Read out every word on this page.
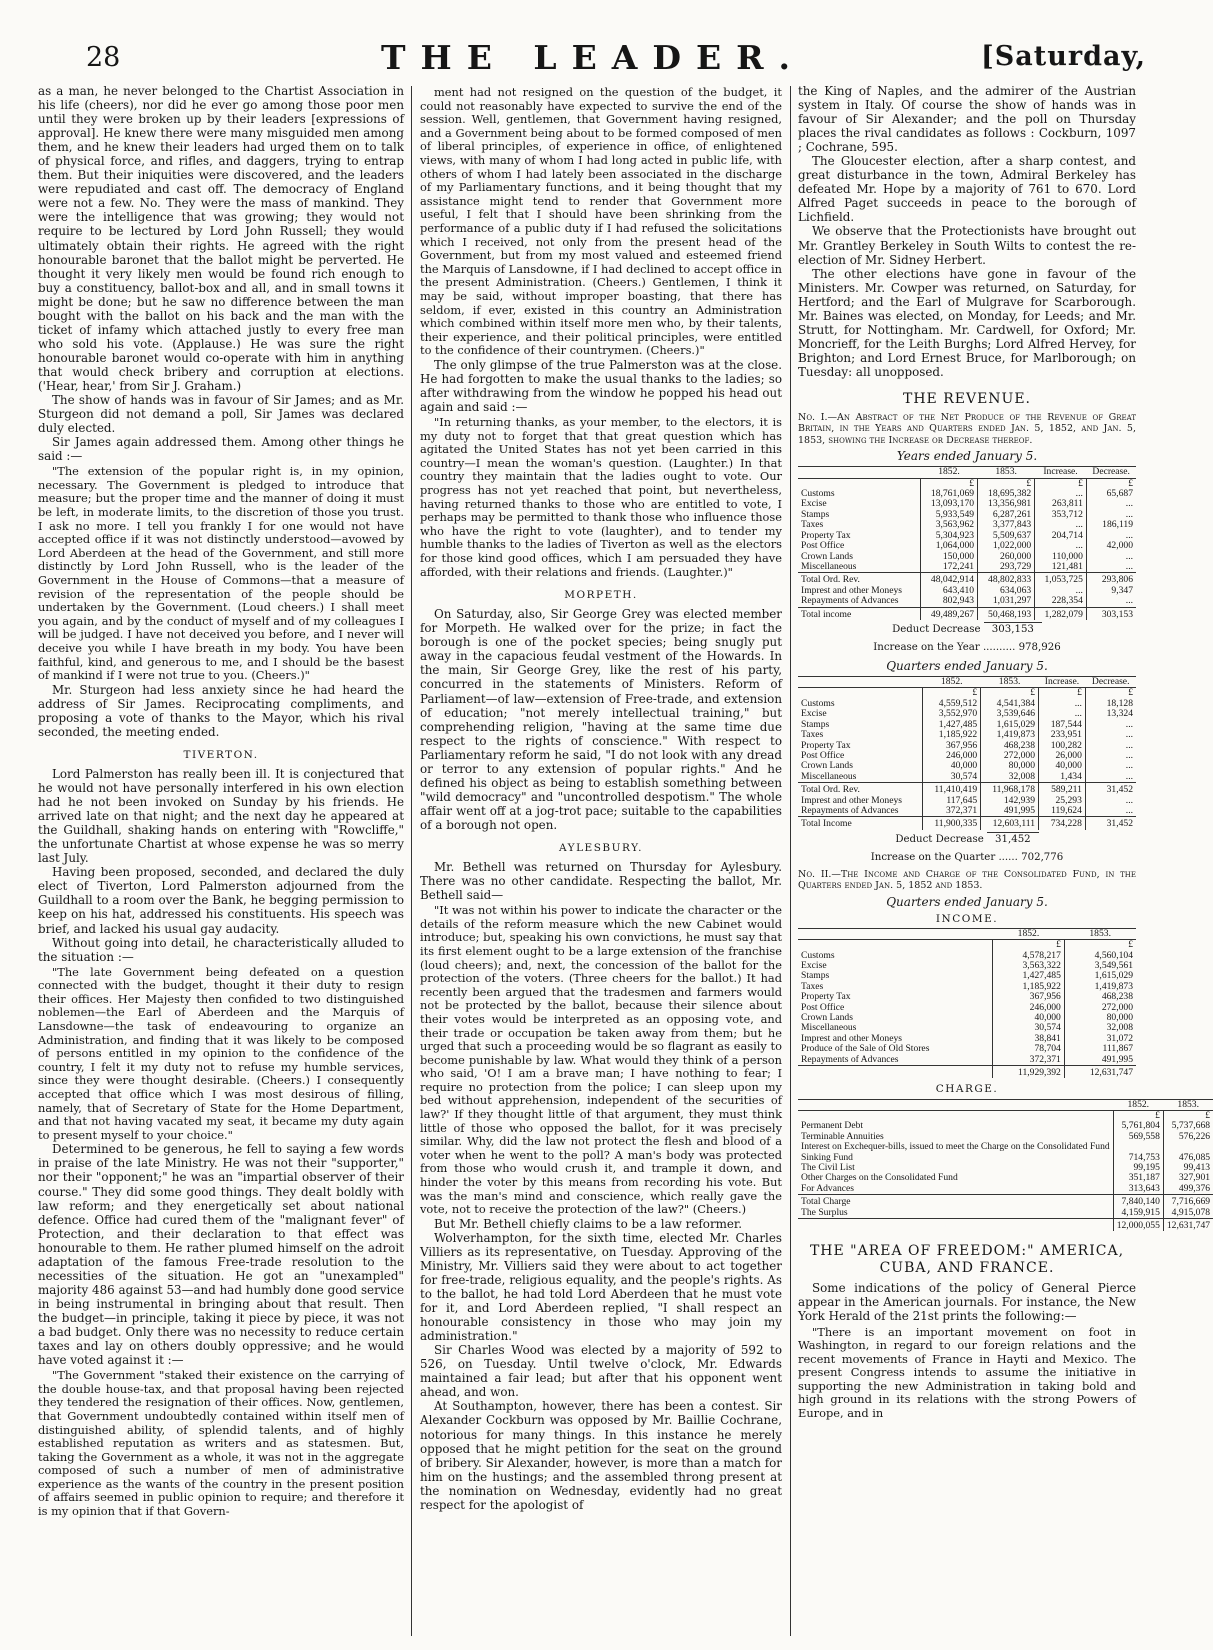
28	THE LEADER.	[Saturday,

as a man, he never belonged to the Chartist Association in his life (cheers), nor did he ever go among those poor men until they were broken up by their leaders [expressions of approval]. He knew there were many misguided men among them, and he knew their leaders had urged them on to talk of physical force, and rifles, and daggers, trying to entrap them. But their iniquities were discovered, and the leaders were repudiated and cast off. The democracy of England were not a few. No. They were the mass of mankind. They were the intelligence that was growing; they would not require to be lectured by Lord John Russell; they would ultimately obtain their rights. He agreed with the right honourable baronet that the ballot might be perverted. He thought it very likely men would be found rich enough to buy a constituency, ballot-box and all, and in small towns it might be done; but he saw no difference between the man bought with the ballot on his back and the man with the ticket of infamy which attached justly to every free man who sold his vote. (Applause.) He was sure the right honourable baronet would co-operate with him in anything that would check bribery and corruption at elections. ('Hear, hear,' from Sir J. Graham.)

The show of hands was in favour of Sir James; and as Mr. Sturgeon did not demand a poll, Sir James was declared duly elected.

Sir James again addressed them. Among other things he said :—

"The extension of the popular right is, in my opinion, necessary. The Government is pledged to introduce that measure; but the proper time and the manner of doing it must be left, in moderate limits, to the discretion of those you trust. I ask no more. I tell you frankly I for one would not have accepted office if it was not distinctly understood—avowed by Lord Aberdeen at the head of the Government, and still more distinctly by Lord John Russell, who is the leader of the Government in the House of Commons—that a measure of revision of the representation of the people should be undertaken by the Government. (Loud cheers.) I shall meet you again, and by the conduct of myself and of my colleagues I will be judged. I have not deceived you before, and I never will deceive you while I have breath in my body. You have been faithful, kind, and generous to me, and I should be the basest of mankind if I were not true to you. (Cheers.)"

Mr. Sturgeon had less anxiety since he had heard the address of Sir James. Reciprocating compliments, and proposing a vote of thanks to the Mayor, which his rival seconded, the meeting ended.

TIVERTON.

Lord Palmerston has really been ill. It is conjectured that he would not have personally interfered in his own election had he not been invoked on Sunday by his friends. He arrived late on that night; and the next day he appeared at the Guildhall, shaking hands on entering with "Rowcliffe," the unfortunate Chartist at whose expense he was so merry last July.

Having been proposed, seconded, and declared the duly elect of Tiverton, Lord Palmerston adjourned from the Guildhall to a room over the Bank, he begging permission to keep on his hat, addressed his constituents. His speech was brief, and lacked his usual gay audacity.

Without going into detail, he characteristically alluded to the situation :—

"The late Government being defeated on a question connected with the budget, thought it their duty to resign their offices. Her Majesty then confided to two distinguished noblemen—the Earl of Aberdeen and the Marquis of Lansdowne—the task of endeavouring to organize an Administration, and finding that it was likely to be composed of persons entitled in my opinion to the confidence of the country, I felt it my duty not to refuse my humble services, since they were thought desirable. (Cheers.) I consequently accepted that office which I was most desirous of filling, namely, that of Secretary of State for the Home Department, and that not having vacated my seat, it became my duty again to present myself to your choice."

Determined to be generous, he fell to saying a few words in praise of the late Ministry. He was not their "supporter," nor their "opponent;" he was an "impartial observer of their course." They did some good things. They dealt boldly with law reform; and they energetically set about national defence. Office had cured them of the "malignant fever" of Protection, and their declaration to that effect was honourable to them. He rather plumed himself on the adroit adaptation of the famous Free-trade resolution to the necessities of the situation. He got an "unexampled" majority 486 against 53—and had humbly done good service in being instrumental in bringing about that result. Then the budget—in principle, taking it piece by piece, it was not a bad budget. Only there was no necessity to reduce certain taxes and lay on others doubly oppressive; and he would have voted against it :—

"The Government "staked their existence on the carrying of the double house-tax, and that proposal having been rejected they tendered the resignation of their offices. Now, gentlemen, that Government undoubtedly contained within itself men of distinguished ability, of splendid talents, and of highly established reputation as writers and as statesmen. But, taking the Government as a whole, it was not in the aggregate composed of such a number of men of administrative experience as the wants of the country in the present position of affairs seemed in public opinion to require; and therefore it is my opinion that if that Govern-

ment had not resigned on the question of the budget, it could not reasonably have expected to survive the end of the session. Well, gentlemen, that Government having resigned, and a Government being about to be formed composed of men of liberal principles, of experience in office, of enlightened views, with many of whom I had long acted in public life, with others of whom I had lately been associated in the discharge of my Parliamentary functions, and it being thought that my assistance might tend to render that Government more useful, I felt that I should have been shrinking from the performance of a public duty if I had refused the solicitations which I received, not only from the present head of the Government, but from my most valued and esteemed friend the Marquis of Lansdowne, if I had declined to accept office in the present Administration. (Cheers.) Gentlemen, I think it may be said, without improper boasting, that there has seldom, if ever, existed in this country an Administration which combined within itself more men who, by their talents, their experience, and their political principles, were entitled to the confidence of their countrymen. (Cheers.)"

The only glimpse of the true Palmerston was at the close. He had forgotten to make the usual thanks to the ladies; so after withdrawing from the window he popped his head out again and said :—

"In returning thanks, as your member, to the electors, it is my duty not to forget that that great question which has agitated the United States has not yet been carried in this country—I mean the woman's question. (Laughter.) In that country they maintain that the ladies ought to vote. Our progress has not yet reached that point, but nevertheless, having returned thanks to those who are entitled to vote, I perhaps may be permitted to thank those who influence those who have the right to vote (laughter), and to tender my humble thanks to the ladies of Tiverton as well as the electors for those kind good offices, which I am persuaded they have afforded, with their relations and friends. (Laughter.)"

MORPETH.

On Saturday, also, Sir George Grey was elected member for Morpeth. He walked over for the prize; in fact the borough is one of the pocket species; being snugly put away in the capacious feudal vestment of the Howards. In the main, Sir George Grey, like the rest of his party, concurred in the statements of Ministers. Reform of Parliament—of law—extension of Free-trade, and extension of education; "not merely intellectual training," but comprehending religion, "having at the same time due respect to the rights of conscience." With respect to Parliamentary reform he said, "I do not look with any dread or terror to any extension of popular rights." And he defined his object as being to establish something between "wild democracy" and "uncontrolled despotism." The whole affair went off at a jog-trot pace; suitable to the capabilities of a borough not open.

AYLESBURY.

Mr. Bethell was returned on Thursday for Aylesbury. There was no other candidate. Respecting the ballot, Mr. Bethell said—

"It was not within his power to indicate the character or the details of the reform measure which the new Cabinet would introduce; but, speaking his own convictions, he must say that its first element ought to be a large extension of the franchise (loud cheers); and, next, the concession of the ballot for the protection of the voters. (Three cheers for the ballot.) It had recently been argued that the tradesmen and farmers would not be protected by the ballot, because their silence about their votes would be interpreted as an opposing vote, and their trade or occupation be taken away from them; but he urged that such a proceeding would be so flagrant as easily to become punishable by law. What would they think of a person who said, 'O! I am a brave man; I have nothing to fear; I require no protection from the police; I can sleep upon my bed without apprehension, independent of the securities of law?' If they thought little of that argument, they must think little of those who opposed the ballot, for it was precisely similar. Why, did the law not protect the flesh and blood of a voter when he went to the poll? A man's body was protected from those who would crush it, and trample it down, and hinder the voter by this means from recording his vote. But was the man's mind and conscience, which really gave the vote, not to receive the protection of the law?" (Cheers.)

But Mr. Bethell chiefly claims to be a law reformer.

Wolverhampton, for the sixth time, elected Mr. Charles Villiers as its representative, on Tuesday. Approving of the Ministry, Mr. Villiers said they were about to act together for free-trade, religious equality, and the people's rights. As to the ballot, he had told Lord Aberdeen that he must vote for it, and Lord Aberdeen replied, "I shall respect an honourable consistency in those who may join my administration."

Sir Charles Wood was elected by a majority of 592 to 526, on Tuesday. Until twelve o'clock, Mr. Edwards maintained a fair lead; but after that his opponent went ahead, and won.

At Southampton, however, there has been a contest. Sir Alexander Cockburn was opposed by Mr. Baillie Cochrane, notorious for many things. In this instance he merely opposed that he might petition for the seat on the ground of bribery. Sir Alexander, however, is more than a match for him on the hustings; and the assembled throng present at the nomination on Wednesday, evidently had no great respect for the apologist of

the King of Naples, and the admirer of the Austrian system in Italy. Of course the show of hands was in favour of Sir Alexander; and the poll on Thursday places the rival candidates as follows : Cockburn, 1097 ; Cochrane, 595.

The Gloucester election, after a sharp contest, and great disturbance in the town, Admiral Berkeley has defeated Mr. Hope by a majority of 761 to 670. Lord Alfred Paget succeeds in peace to the borough of Lichfield.

We observe that the Protectionists have brought out Mr. Grantley Berkeley in South Wilts to contest the re-election of Mr. Sidney Herbert.

The other elections have gone in favour of the Ministers. Mr. Cowper was returned, on Saturday, for Hertford; and the Earl of Mulgrave for Scarborough. Mr. Baines was elected, on Monday, for Leeds; and Mr. Strutt, for Nottingham. Mr. Cardwell, for Oxford; Mr. Moncrieff, for the Leith Burghs; Lord Alfred Hervey, for Brighton; and Lord Ernest Bruce, for Marlborough; on Tuesday: all unopposed.

THE REVENUE.
No. I.—An Abstract of the Net Produce of the Revenue of Great Britain, in the Years and Quarters ended Jan. 5, 1852, and Jan. 5, 1853, showing the Increase or Decrease thereof.
Years ended January 5.
	1852.	1853.	Increase.	Decrease.
	£	£	£	£
Customs	18,761,069	18,695,382	...	65,687
Excise	13,093,170	13,356,981	263,811	...
Stamps	5,933,549	6,287,261	353,712	...
Taxes	3,563,962	3,377,843	...	186,119
Property Tax	5,304,923	5,509,637	204,714	...
Post Office	1,064,000	1,022,000	...	42,000
Crown Lands	150,000	260,000	110,000	...
Miscellaneous	172,241	293,729	121,481	...
Total Ord. Rev.	48,042,914	48,802,833	1,053,725	293,806
Imprest and other Moneys	643,410	634,063	...	9,347
Repayments of Advances	802,943	1,031,297	228,354	...
Total income	49,489,267	50,468,193	1,282,079	303,153
Deduct Decrease 303,153
Increase on the Year .......... 978,926
Quarters ended January 5.
	1852.	1853.	Increase.	Decrease.
	£	£	£	£
Customs	4,559,512	4,541,384	...	18,128
Excise	3,552,970	3,539,646	...	13,324
Stamps	1,427,485	1,615,029	187,544	...
Taxes	1,185,922	1,419,873	233,951	...
Property Tax	367,956	468,238	100,282	...
Post Office	246,000	272,000	26,000	...
Crown Lands	40,000	80,000	40,000	...
Miscellaneous	30,574	32,008	1,434	...
Total Ord. Rev.	11,410,419	11,968,178	589,211	31,452
Imprest and other Moneys	117,645	142,939	25,293	...
Repayments of Advances	372,371	491,995	119,624	...
Total Income	11,900,335	12,603,111	734,228	31,452
Deduct Decrease 31,452
Increase on the Quarter ...... 702,776
No. II.—The Income and Charge of the Consolidated Fund, in the Quarters ended Jan. 5, 1852 and 1853.
Quarters ended January 5.
INCOME.
	1852.	1853.
	£	£
Customs	4,578,217	4,560,104
Excise	3,563,322	3,549,561
Stamps	1,427,485	1,615,029
Taxes	1,185,922	1,419,873
Property Tax	367,956	468,238
Post Office	246,000	272,000
Crown Lands	40,000	80,000
Miscellaneous	30,574	32,008
Imprest and other Moneys	38,841	31,072
Produce of the Sale of Old Stores	78,704	111,867
Repayments of Advances	372,371	491,995
	11,929,392	12,631,747
CHARGE.
	1852.	1853.
	£	£
Permanent Debt	5,761,804	5,737,668
Terminable Annuities	569,558	576,226
Interest on Exchequer-bills, issued to meet the Charge on the Consolidated Fund		
Sinking Fund	714,753	476,085
The Civil List	99,195	99,413
Other Charges on the Consolidated Fund	351,187	327,901
For Advances	313,643	499,376
Total Charge	7,840,140	7,716,669
The Surplus	4,159,915	4,915,078
	12,000,055	12,631,747
THE "AREA OF FREEDOM:" AMERICA, CUBA, AND FRANCE.

Some indications of the policy of General Pierce appear in the American journals. For instance, the New York Herald of the 21st prints the following:—

"There is an important movement on foot in Washington, in regard to our foreign relations and the recent movements of France in Hayti and Mexico. The present Congress intends to assume the initiative in supporting the new Administration in taking bold and high ground in its relations with the strong Powers of Europe, and in
